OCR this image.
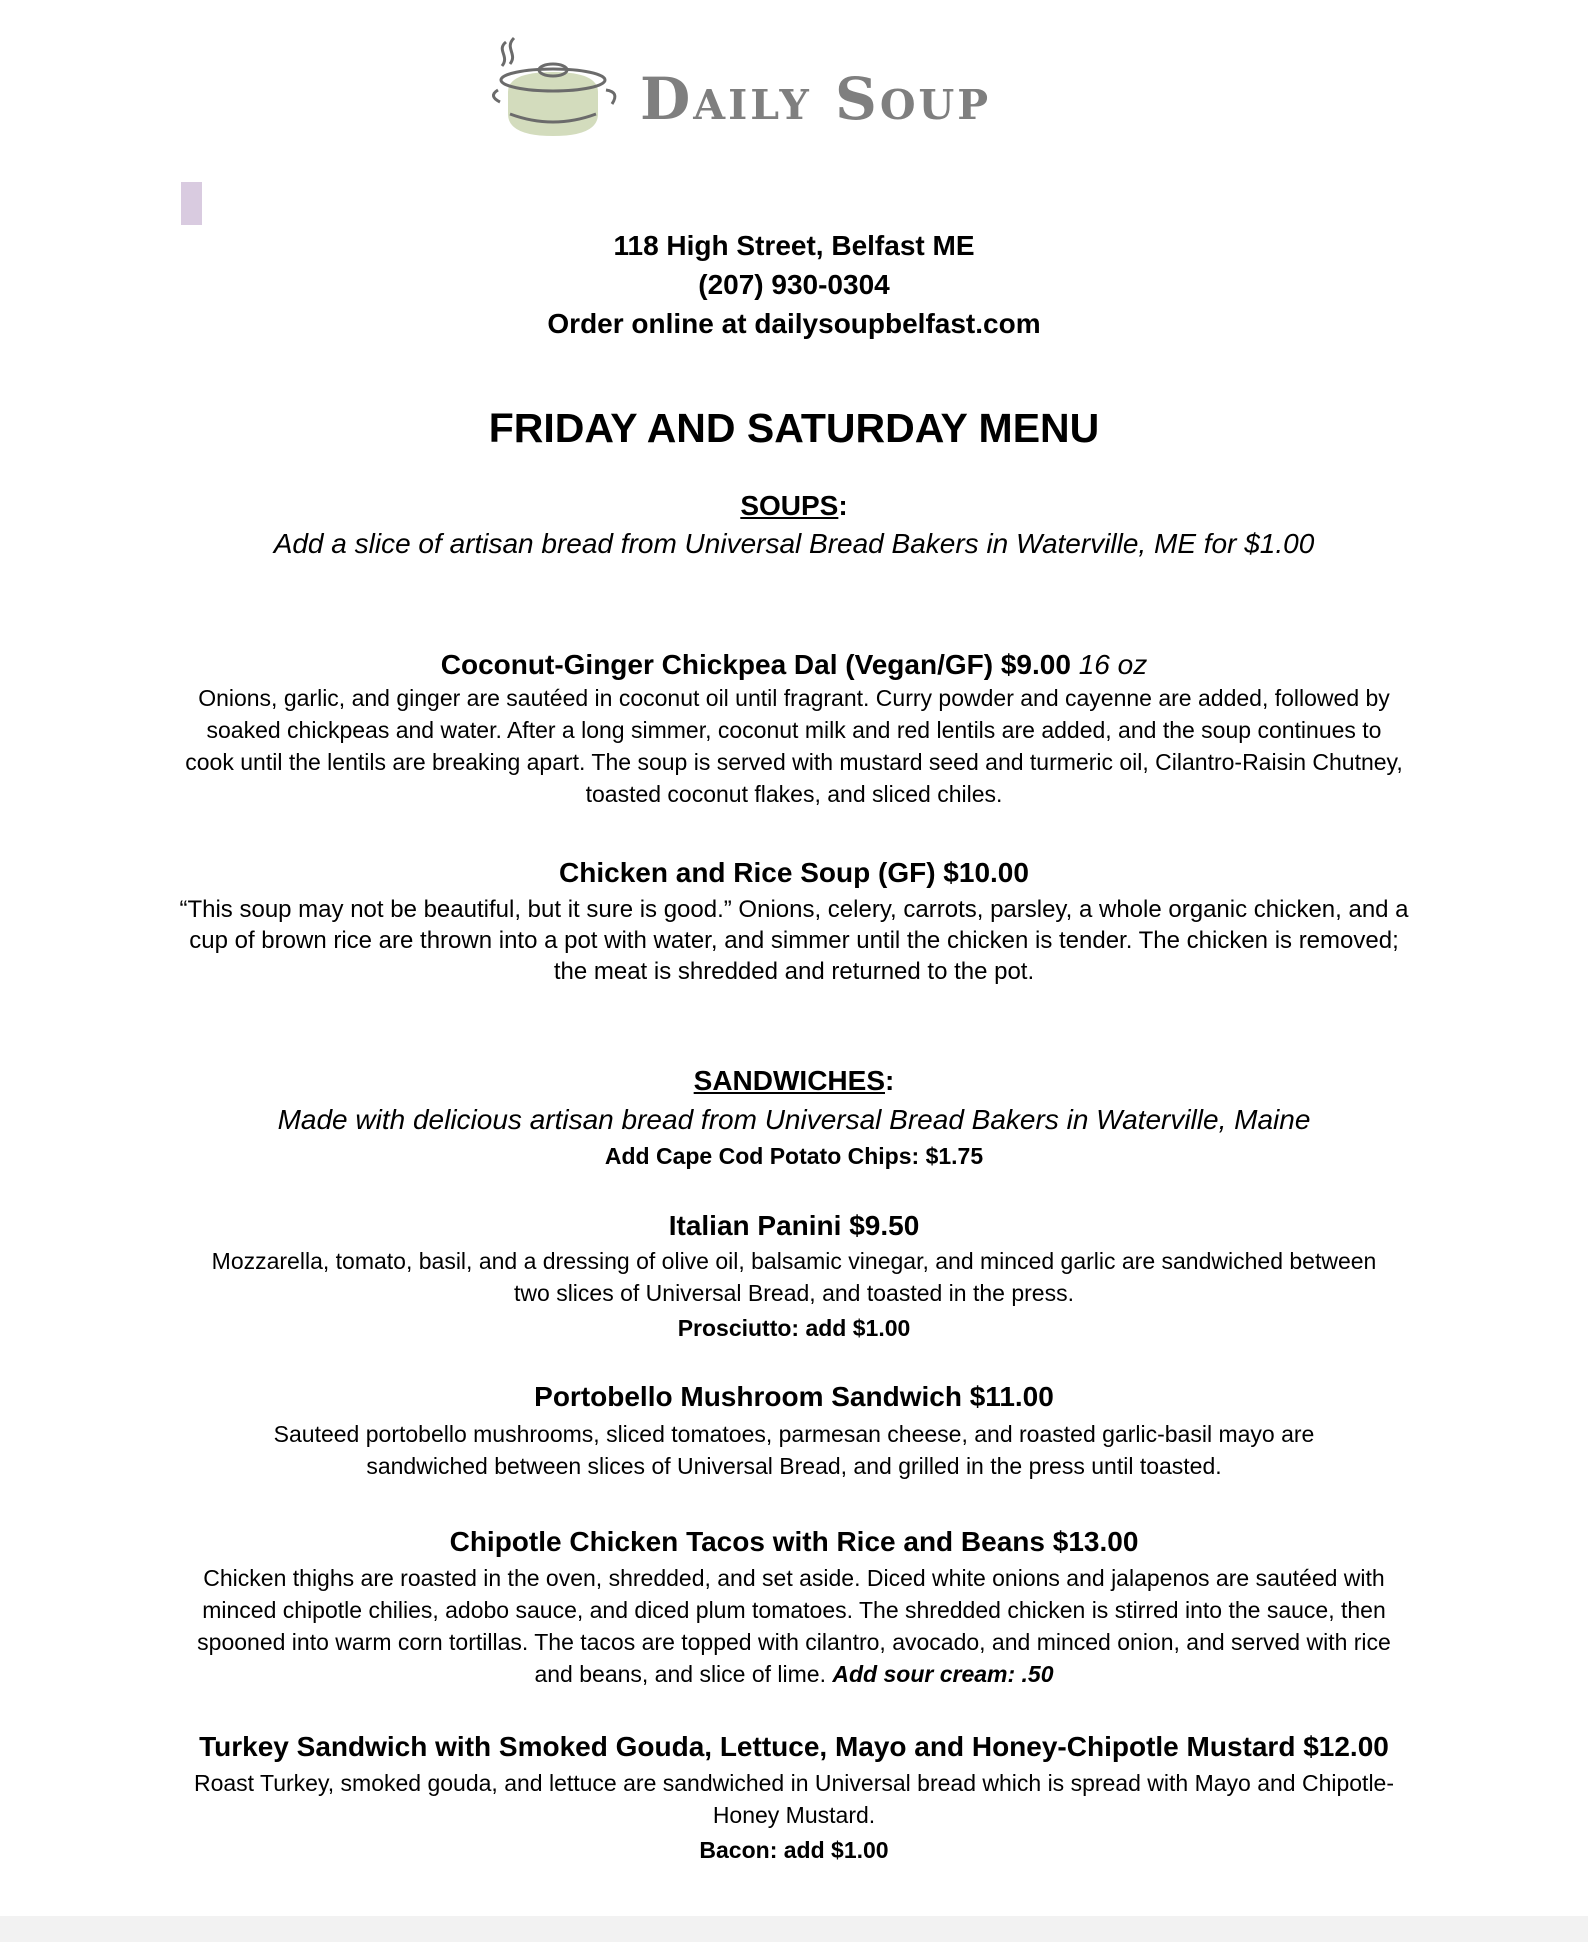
Daily Soup
118 High Street, Belfast ME
(207) 930-0304
Order online at dailysoupbelfast.com
FRIDAY AND SATURDAY MENU
SOUPS:
Add a slice of artisan bread from Universal Bread Bakers in Waterville, ME for $1.00
Coconut-Ginger Chickpea Dal (Vegan/GF) $9.00 16 oz
Onions, garlic, and ginger are sautéed in coconut oil until fragrant. Curry powder and cayenne are added, followed by soaked chickpeas and water. After a long simmer, coconut milk and red lentils are added, and the soup continues to cook until the lentils are breaking apart. The soup is served with mustard seed and turmeric oil, Cilantro-Raisin Chutney, toasted coconut flakes, and sliced chiles.
Chicken and Rice Soup (GF) $10.00
“This soup may not be beautiful, but it sure is good.” Onions, celery, carrots, parsley, a whole organic chicken, and a cup of brown rice are thrown into a pot with water, and simmer until the chicken is tender. The chicken is removed; the meat is shredded and returned to the pot.
SANDWICHES:
Made with delicious artisan bread from Universal Bread Bakers in Waterville, Maine
Add Cape Cod Potato Chips: $1.75
Italian Panini $9.50
Mozzarella, tomato, basil, and a dressing of olive oil, balsamic vinegar, and minced garlic are sandwiched between two slices of Universal Bread, and toasted in the press.
Prosciutto: add $1.00
Portobello Mushroom Sandwich $11.00
Sauteed portobello mushrooms, sliced tomatoes, parmesan cheese, and roasted garlic-basil mayo are sandwiched between slices of Universal Bread, and grilled in the press until toasted.
Chipotle Chicken Tacos with Rice and Beans $13.00
Chicken thighs are roasted in the oven, shredded, and set aside. Diced white onions and jalapenos are sautéed with minced chipotle chilies, adobo sauce, and diced plum tomatoes. The shredded chicken is stirred into the sauce, then spooned into warm corn tortillas. The tacos are topped with cilantro, avocado, and minced onion, and served with rice and beans, and slice of lime. Add sour cream: .50
Turkey Sandwich with Smoked Gouda, Lettuce, Mayo and Honey-Chipotle Mustard $12.00
Roast Turkey, smoked gouda, and lettuce are sandwiched in Universal bread which is spread with Mayo and Chipotle-Honey Mustard.
Bacon: add $1.00
